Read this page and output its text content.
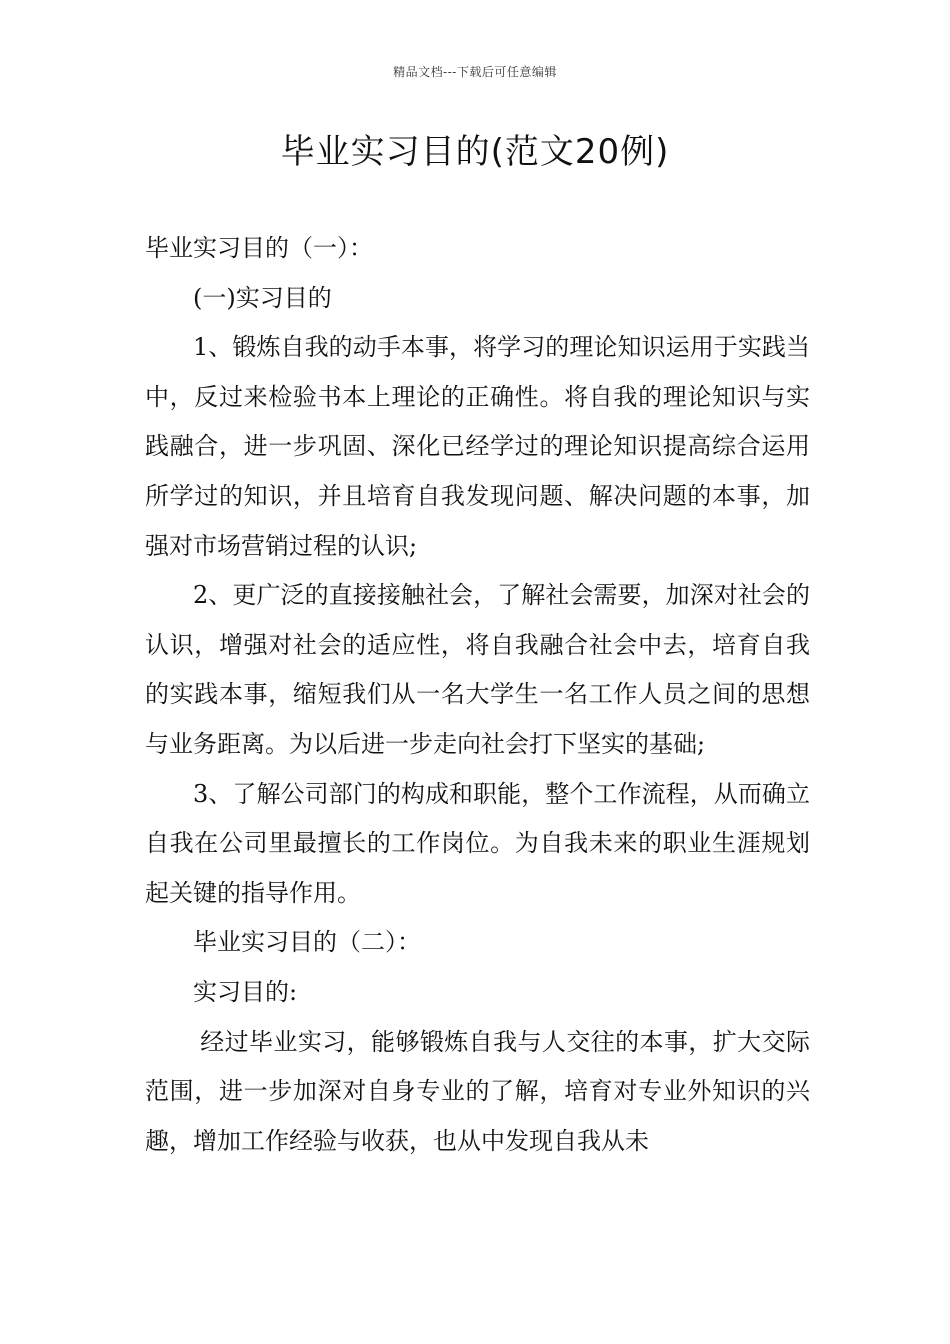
精品文档---下载后可任意编辑
毕业实习目的(范文20例)

毕业实习目的（一）：

(一)实习目的

1、锻炼自我的动手本事，将学习的理论知识运用于实践当中，反过来检验书本上理论的正确性。将自我的理论知识与实践融合，进一步巩固、深化已经学过的理论知识提高综合运用所学过的知识，并且培育自我发现问题、解决问题的本事，加强对市场营销过程的认识;

2、更广泛的直接接触社会，了解社会需要，加深对社会的认识，增强对社会的适应性，将自我融合社会中去，培育自我的实践本事，缩短我们从一名大学生一名工作人员之间的思想与业务距离。为以后进一步走向社会打下坚实的基础;

3、了解公司部门的构成和职能，整个工作流程，从而确立自我在公司里最擅长的工作岗位。为自我未来的职业生涯规划起关键的指导作用。

毕业实习目的（二）：

实习目的:

经过毕业实习，能够锻炼自我与人交往的本事，扩大交际范围，进一步加深对自身专业的了解，培育对专业外知识的兴趣，增加工作经验与收获，也从中发现自我从未
